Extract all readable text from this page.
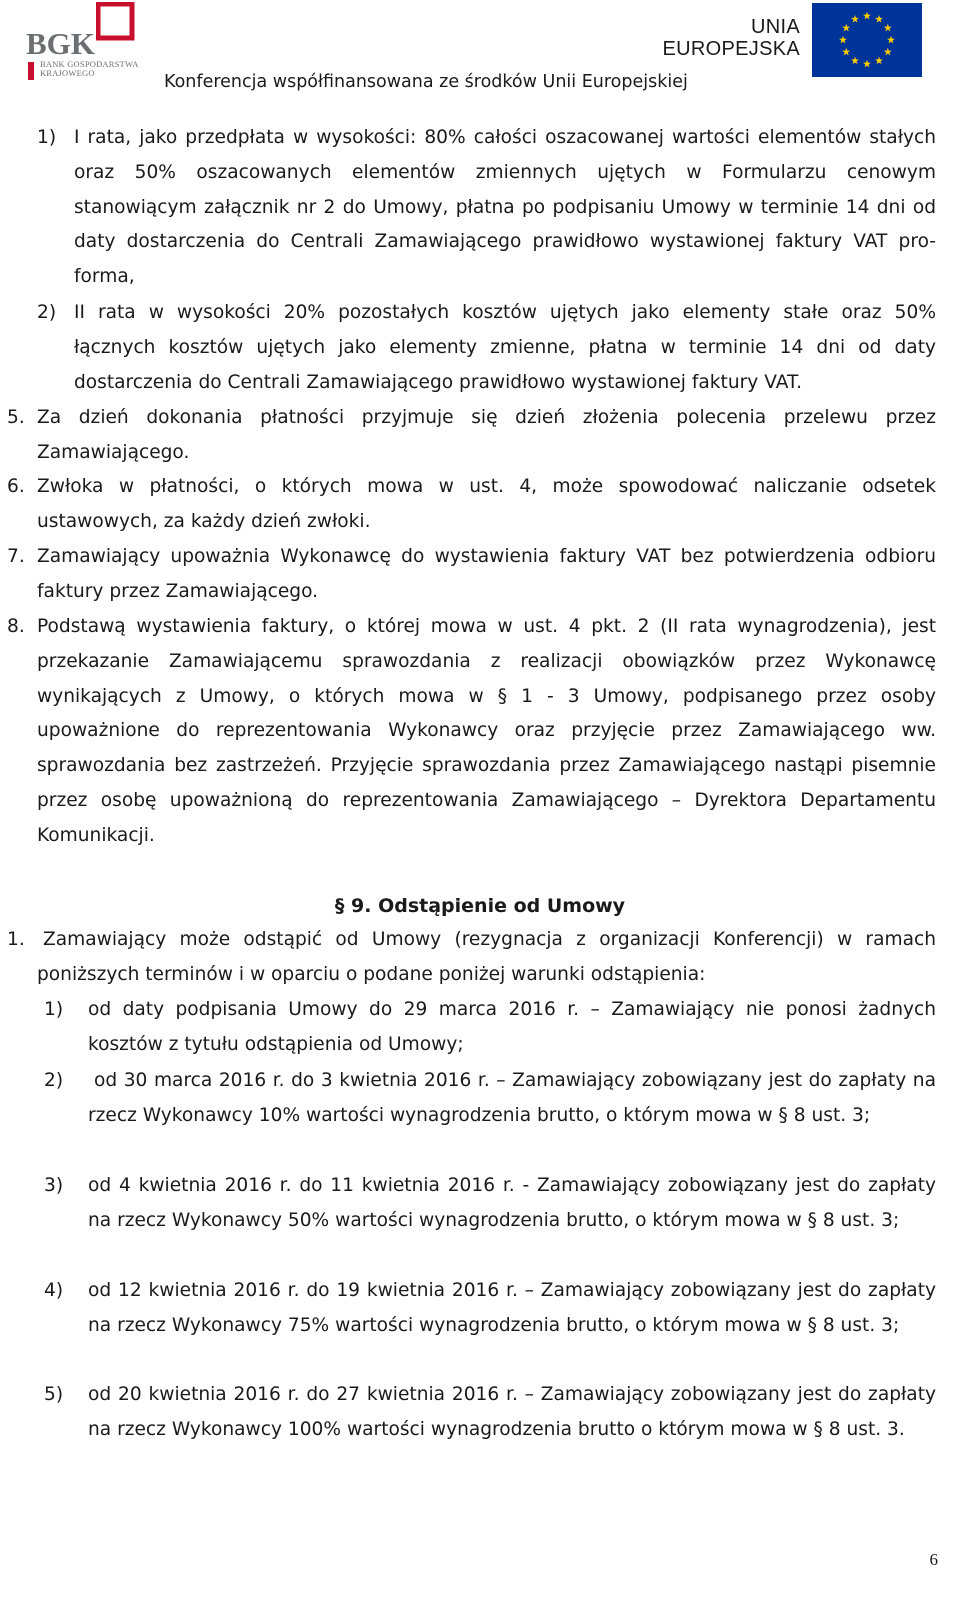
BGK
BANK GOSPODARSTWA KRAJOWEGO
UNIA
EUROPEJSKA
Konferencja współfinansowana ze środków Unii Europejskiej
1) I rata, jako przedpłata w wysokości: 80% całości oszacowanej wartości elementów stałych oraz 50% oszacowanych elementów zmiennych ujętych w Formularzu cenowym stanowiącym załącznik nr 2 do Umowy, płatna po podpisaniu Umowy w terminie 14 dni od daty dostarczenia do Centrali Zamawiającego prawidłowo wystawionej faktury VAT pro-forma,

2) II rata w wysokości 20% pozostałych kosztów ujętych jako elementy stałe oraz 50% łącznych kosztów ujętych jako elementy zmienne, płatna w terminie 14 dni od daty dostarczenia do Centrali Zamawiającego prawidłowo wystawionej faktury VAT.

5. Za dzień dokonania płatności przyjmuje się dzień złożenia polecenia przelewu przez Zamawiającego.

6. Zwłoka w płatności, o których mowa w ust. 4, może spowodować naliczanie odsetek ustawowych, za każdy dzień zwłoki.

7. Zamawiający upoważnia Wykonawcę do wystawienia faktury VAT bez potwierdzenia odbioru faktury przez Zamawiającego.

8. Podstawą wystawienia faktury, o której mowa w ust. 4 pkt. 2 (II rata wynagrodzenia), jest przekazanie Zamawiającemu sprawozdania z realizacji obowiązków przez Wykonawcę wynikających z Umowy, o których mowa w § 1 - 3 Umowy, podpisanego przez osoby upoważnione do reprezentowania Wykonawcy oraz przyjęcie przez Zamawiającego ww. sprawozdania bez zastrzeżeń. Przyjęcie sprawozdania przez Zamawiającego nastąpi pisemnie przez osobę upoważnioną do reprezentowania Zamawiającego – Dyrektora Departamentu Komunikacji.

§ 9. Odstąpienie od Umowy
1. Zamawiający może odstąpić od Umowy (rezygnacja z organizacji Konferencji) w ramach poniższych terminów i w oparciu o podane poniżej warunki odstąpienia:

1) od daty podpisania Umowy do 29 marca 2016 r. – Zamawiający nie ponosi żadnych kosztów z tytułu odstąpienia od Umowy;

2)	od 30 marca 2016 r. do 3 kwietnia 2016 r. – Zamawiający zobowiązany jest do zapłaty na rzecz Wykonawcy 10% wartości wynagrodzenia brutto, o którym mowa w § 8 ust. 3;

3) od 4 kwietnia 2016 r. do 11 kwietnia 2016 r. - Zamawiający zobowiązany jest do zapłaty na rzecz Wykonawcy 50% wartości wynagrodzenia brutto, o którym mowa w § 8 ust. 3;

4) od 12 kwietnia 2016 r. do 19 kwietnia 2016 r. – Zamawiający zobowiązany jest do zapłaty na rzecz Wykonawcy 75% wartości wynagrodzenia brutto, o którym mowa w § 8 ust. 3;

5) od 20 kwietnia 2016 r. do 27 kwietnia 2016 r. – Zamawiający zobowiązany jest do zapłaty na rzecz Wykonawcy 100% wartości wynagrodzenia brutto o którym mowa w § 8 ust. 3.

6
